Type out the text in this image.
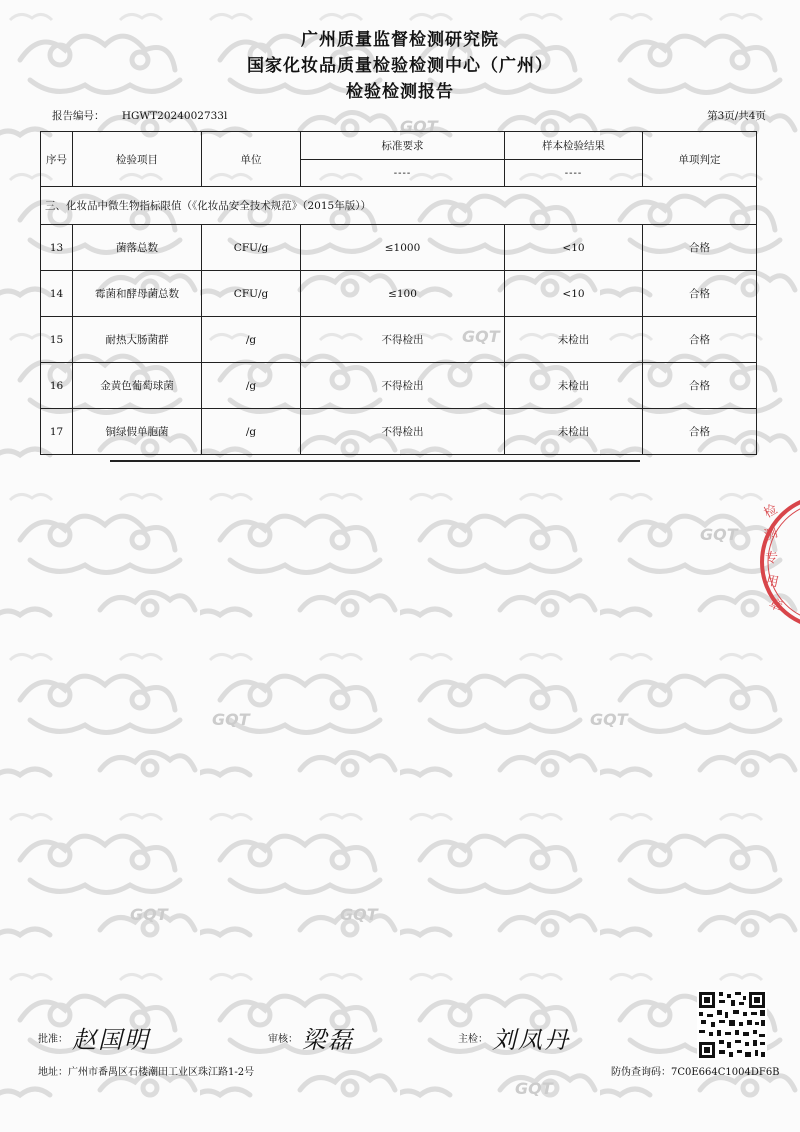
GQT
GQT
GQT
GQT	GQT
GQT
GQT
GQT
广州质量监督检测研究院
国家化妆品质量检验检测中心（广州）
检验检测报告
报告编号： HGWT2024002733l	第3页/共4页
序号	检验项目	单位	标准要求	样本检验结果	单项判定
			----	----	
三、化妆品中微生物指标限值（《化妆品安全技术规范》（2015年版））					
13	菌落总数	CFU/g	≤1000	<10	合格
14	霉菌和酵母菌总数	CFU/g	≤100	<10	合格
15	耐热大肠菌群	/g	不得检出	未检出	合格
16	金黄色葡萄球菌	/g	不得检出	未检出	合格
17	铜绿假单胞菌	/g	不得检出	未检出	合格
检
测
专
用
章
批准： 赵国明	审核： 梁磊	主检： 刘凤丹
地址：广州市番禺区石楼潮田工业区珠江路1-2号	防伪查询码：7C0E664C1004DF6B
